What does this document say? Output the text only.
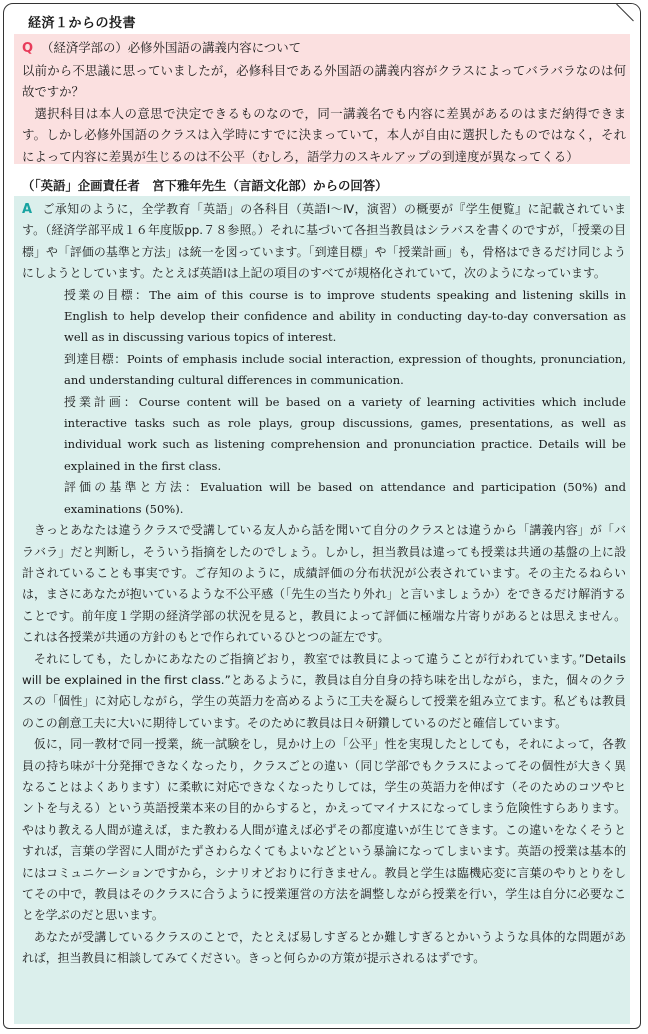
経済１からの投書

Q （経済学部の）必修外国語の講義内容について

以前から不思議に思っていましたが，必修科目である外国語の講義内容がクラスによってバラバラなのは何故ですか？

選択科目は本人の意思で決定できるものなので，同一講義名でも内容に差異があるのはまだ納得できます。しかし必修外国語のクラスは入学時にすでに決まっていて，本人が自由に選択したものではなく，それによって内容に差異が生じるのは不公平（むしろ，語学力のスキルアップの到達度が異なってくる）

（「英語」企画責任者　宮下雅年先生（言語文化部）からの回答）

A ご承知のように，全学教育「英語」の各科目（英語Ⅰ～Ⅳ，演習）の概要が『学生便覧』に記載されています。（経済学部平成１６年度版pp.７８参照。）それに基づいて各担当教員はシラバスを書くのですが，「授業の目標」や「評価の基準と方法」は統一を図っています。「到達目標」や「授業計画」も，骨格はできるだけ同じようにしようとしています。たとえば英語Ⅰは上記の項目のすべてが規格化されていて，次のようになっています。

授業の目標：The aim of this course is to improve students speaking and listening skills in English to help develop their confidence and ability in conducting day-to-day conversation as well as in discussing various topics of interest.

到達目標：Points of emphasis include social interaction, expression of thoughts, pronunciation, and understanding cultural differences in communication.

授業計画：Course content will be based on a variety of learning activities which include interactive tasks such as role plays, group discussions, games, presentations, as well as individual work such as listening comprehension and pronunciation practice. Details will be explained in the first class.

評価の基準と方法：Evaluation will be based on attendance and participation (50%) and examinations (50%).

きっとあなたは違うクラスで受講している友人から話を聞いて自分のクラスとは違うから「講義内容」が「バラバラ」だと判断し，そういう指摘をしたのでしょう。しかし，担当教員は違っても授業は共通の基盤の上に設計されていることも事実です。ご存知のように，成績評価の分布状況が公表されています。その主たるねらいは，まさにあなたが抱いているような不公平感（「先生の当たり外れ」と言いましょうか）をできるだけ解消することです。前年度１学期の経済学部の状況を見ると，教員によって評価に極端な片寄りがあるとは思えません。これは各授業が共通の方針のもとで作られているひとつの証左です。

それにしても，たしかにあなたのご指摘どおり，教室では教員によって違うことが行われています。”Details will be explained in the first class.”とあるように，教員は自分自身の持ち味を出しながら，また，個々のクラスの「個性」に対応しながら，学生の英語力を高めるように工夫を凝らして授業を組み立てます。私どもは教員のこの創意工夫に大いに期待しています。そのために教員は日々研鑽しているのだと確信しています。

仮に，同一教材で同一授業，統一試験をし，見かけ上の「公平」性を実現したとしても，それによって，各教員の持ち味が十分発揮できなくなったり，クラスごとの違い（同じ学部でもクラスによってその個性が大きく異なることはよくあります）に柔軟に対応できなくなったりしては，学生の英語力を伸ばす（そのためのコツやヒントを与える）という英語授業本来の目的からすると，かえってマイナスになってしまう危険性すらあります。やはり教える人間が違えば，また教わる人間が違えば必ずその都度違いが生じてきます。この違いをなくそうとすれば，言葉の学習に人間がたずさわらなくてもよいなどという暴論になってしまいます。英語の授業は基本的にはコミュニケーションですから，シナリオどおりに行きません。教員と学生は臨機応変に言葉のやりとりをしてその中で，教員はそのクラスに合うように授業運営の方法を調整しながら授業を行い，学生は自分に必要なことを学ぶのだと思います。

あなたが受講しているクラスのことで，たとえば易しすぎるとか難しすぎるとかいうような具体的な問題があれば，担当教員に相談してみてください。きっと何らかの方策が提示されるはずです。
